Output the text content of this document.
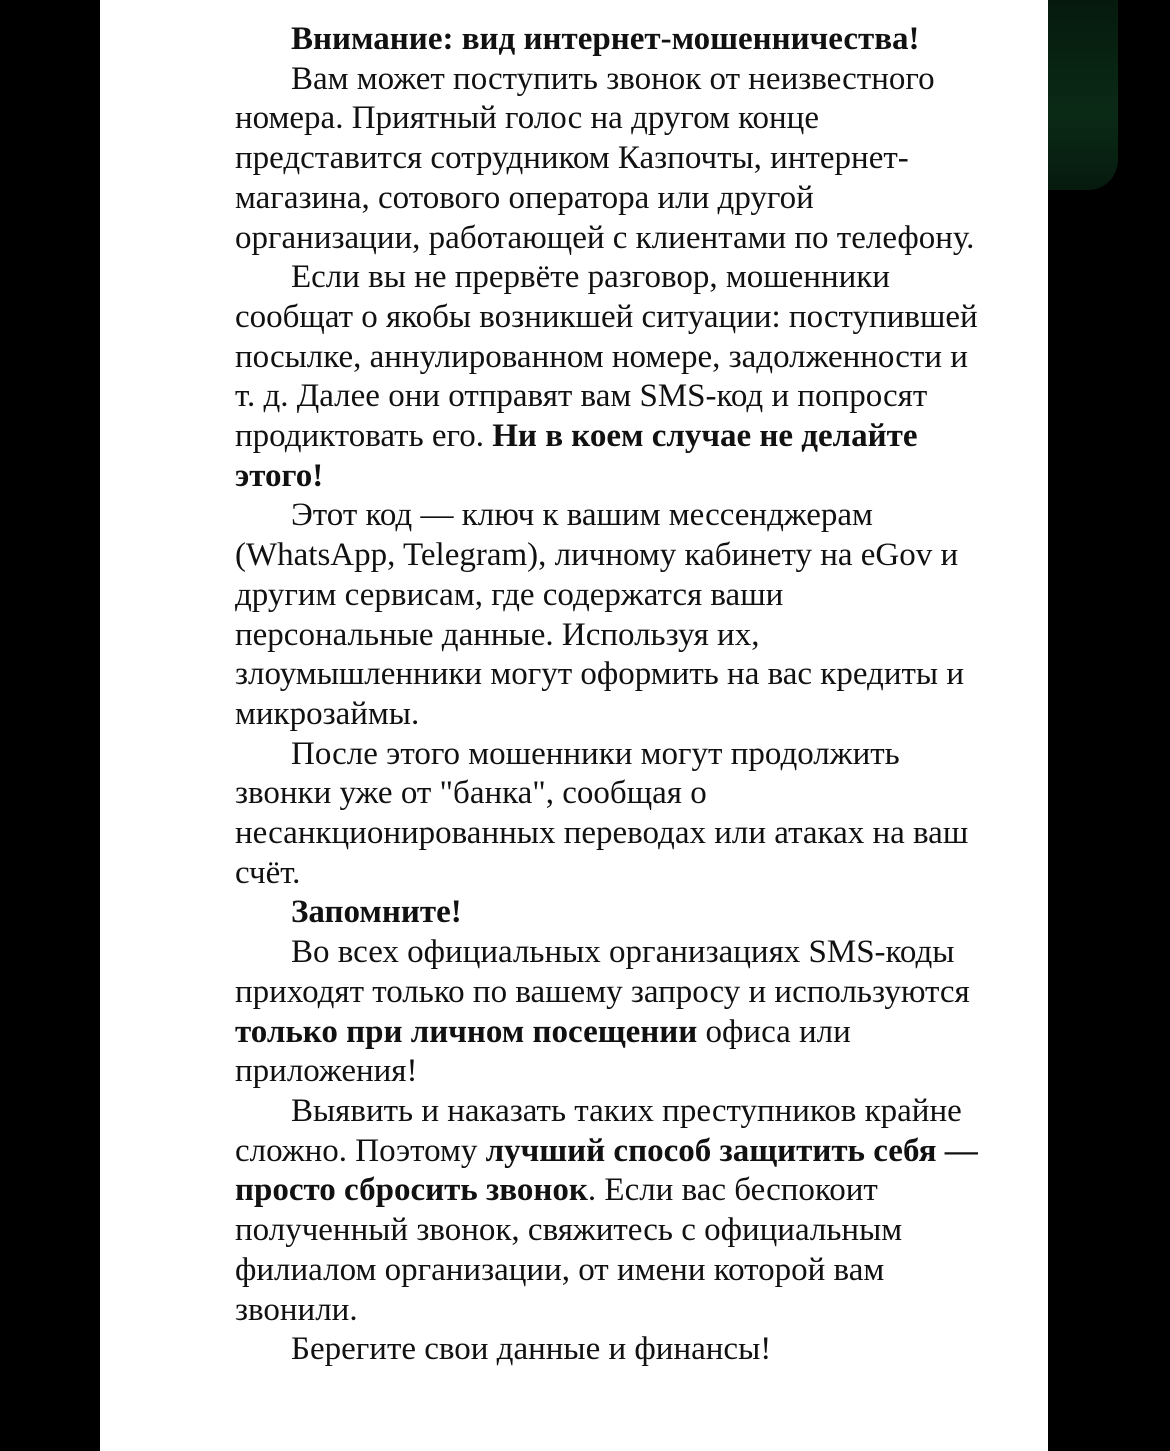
Внимание: вид интернет-мошенничества!

Вам может поступить звонок от неизвестного номера. Приятный голос на другом конце представится сотрудником Казпочты, интернет-магазина, сотового оператора или другой организации, работающей с клиентами по телефону.

Если вы не прервёте разговор, мошенники сообщат о якобы возникшей ситуации: поступившей посылке, аннулированном номере, задолженности и т. д. Далее они отправят вам SMS-код и попросят продиктовать его. Ни в коем случае не делайте этого!

Этот код — ключ к вашим мессенджерам (WhatsApp, Telegram), личному кабинету на eGov и другим сервисам, где содержатся ваши персональные данные. Используя их, злоумышленники могут оформить на вас кредиты и микрозаймы.

После этого мошенники могут продолжить звонки уже от "банка", сообщая о несанкционированных переводах или атаках на ваш счёт.

Запомните!

Во всех официальных организациях SMS-коды приходят только по вашему запросу и используются только при личном посещении офиса или приложения!

Выявить и наказать таких преступников крайне сложно. Поэтому лучший способ защитить себя — просто сбросить звонок. Если вас беспокоит полученный звонок, свяжитесь с официальным филиалом организации, от имени которой вам звонили.

Берегите свои данные и финансы!
